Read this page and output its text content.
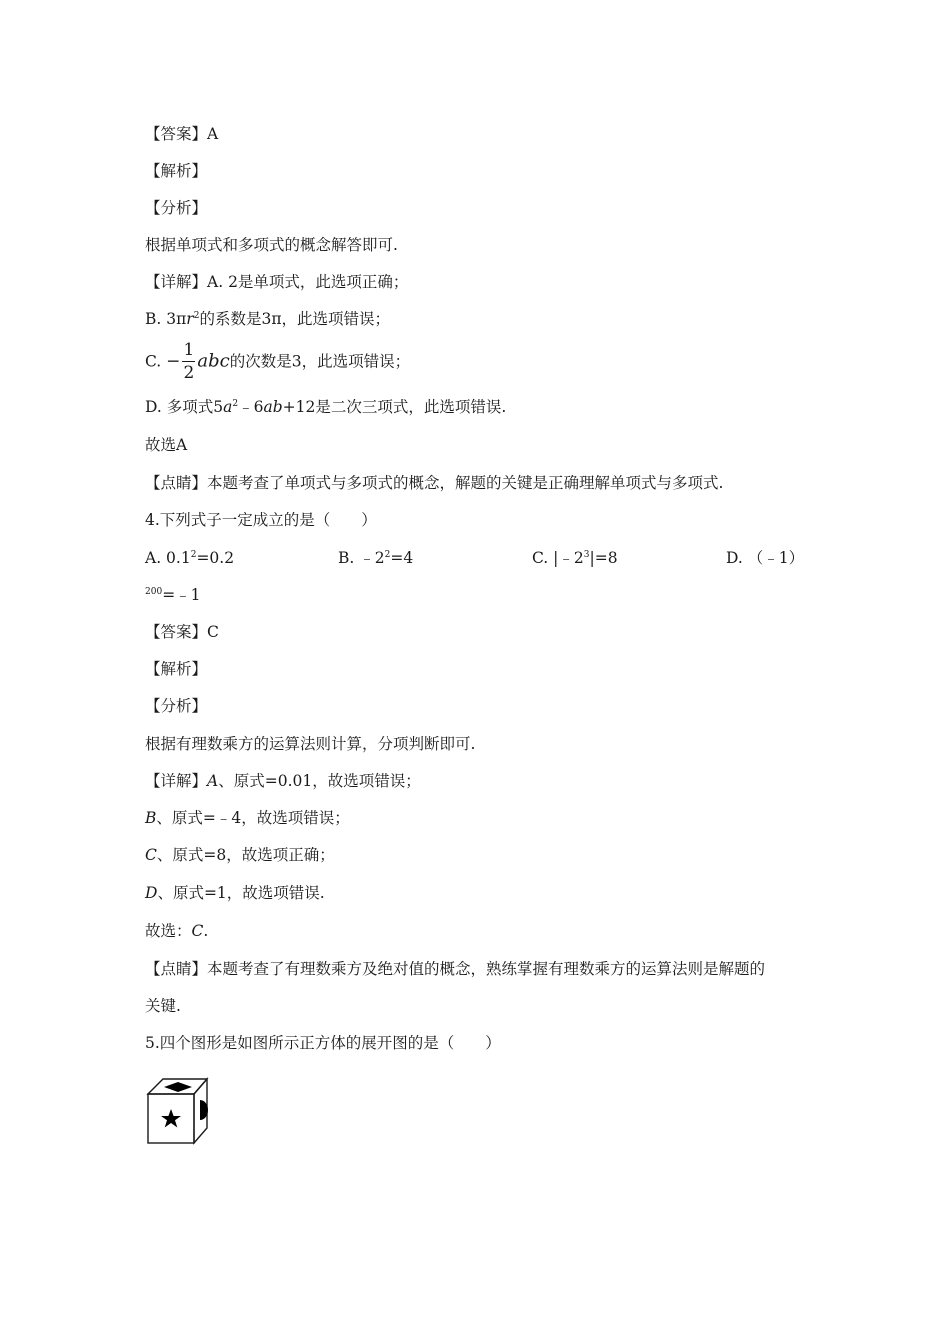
【答案】A
【解析】
【分析】
根据单项式和多项式的概念解答即可.
【详解】A. 2是单项式，此选项正确；
B. $3\pi r^2$的系数是3π，此选项错误；
C. − $\frac{1}{2}$ abc的次数是3，此选项错误；
D. 多项式$5a^2﹣6ab+12$是二次三项式，此选项错误.
故选A
【点睛】本题考查了单项式与多项式的概念，解题的关键是正确理解单项式与多项式.
4.下列式子一定成立的是（　　）
A. $0.1^2=0.2$	B. $﹣2^2=4$	C. $|﹣2^3|=8$	D. （﹣1）
$^{200}$=﹣1
【答案】C
【解析】
【分析】
根据有理数乘方的运算法则计算，分项判断即可.
【详解】A、原式=0.01，故选项错误；
B、原式=﹣4，故选项错误；
C、原式=8，故选项正确；
D、原式=1，故选项错误.
故选：C.
【点睛】本题考查了有理数乘方及绝对值的概念，熟练掌握有理数乘方的运算法则是解题的
关键.
5.四个图形是如图所示正方体的展开图的是（　　）
